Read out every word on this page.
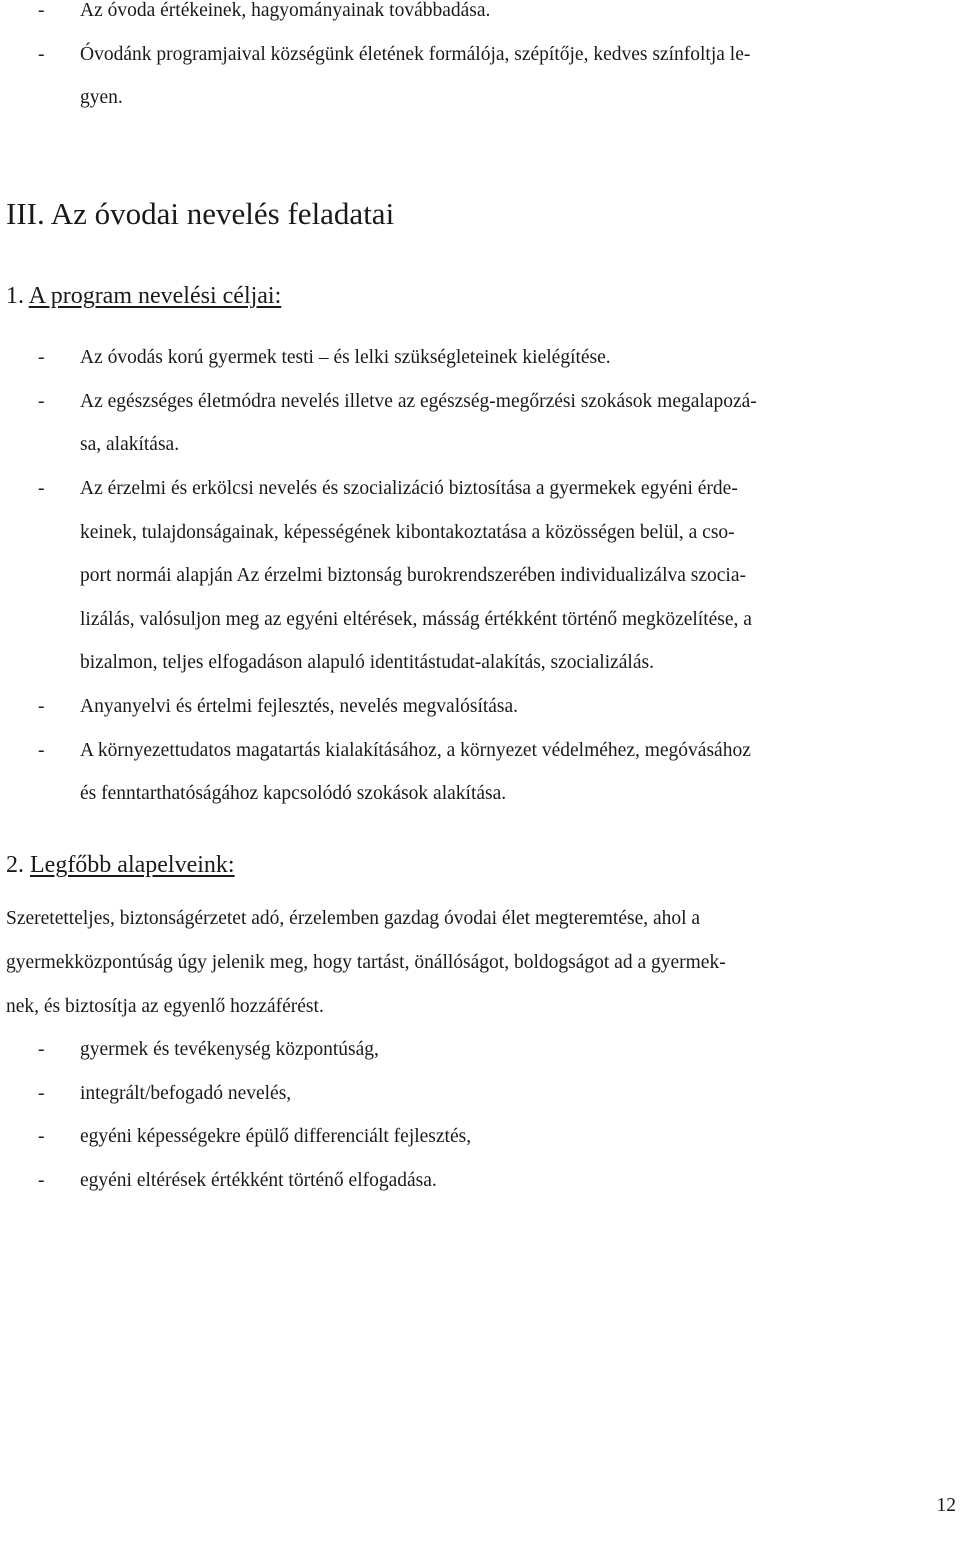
- Az óvoda értékeinek, hagyományainak továbbadása.
- Óvodánk programjaival községünk életének formálója, szépítője, kedves színfoltja le-
gyen.
III. Az óvodai nevelés feladatai
1. A program nevelési céljai:
- Az óvodás korú gyermek testi – és lelki szükségleteinek kielégítése.
- Az egészséges életmódra nevelés illetve az egészség-megőrzési szokások megalapozá-
sa, alakítása.
- Az érzelmi és erkölcsi nevelés és szocializáció biztosítása a gyermekek egyéni érde-
keinek, tulajdonságainak, képességének kibontakoztatása a közösségen belül, a cso-
port normái alapján Az érzelmi biztonság burokrendszerében individualizálva szocia-
lizálás, valósuljon meg az egyéni eltérések, másság értékként történő megközelítése, a
bizalmon, teljes elfogadáson alapuló identitástudat-alakítás, szocializálás.
- Anyanyelvi és értelmi fejlesztés, nevelés megvalósítása.
- A környezettudatos magatartás kialakításához, a környezet védelméhez, megóvásához
és fenntarthatóságához kapcsolódó szokások alakítása.
2. Legfőbb alapelveink:
Szeretetteljes, biztonságérzetet adó, érzelemben gazdag óvodai élet megteremtése, ahol a
gyermekközpontúság úgy jelenik meg, hogy tartást, önállóságot, boldogságot ad a gyermek-
nek, és biztosítja az egyenlő hozzáférést.
- gyermek és tevékenység központúság,
- integrált/befogadó nevelés,
- egyéni képességekre épülő differenciált fejlesztés,
- egyéni eltérések értékként történő elfogadása.
12
